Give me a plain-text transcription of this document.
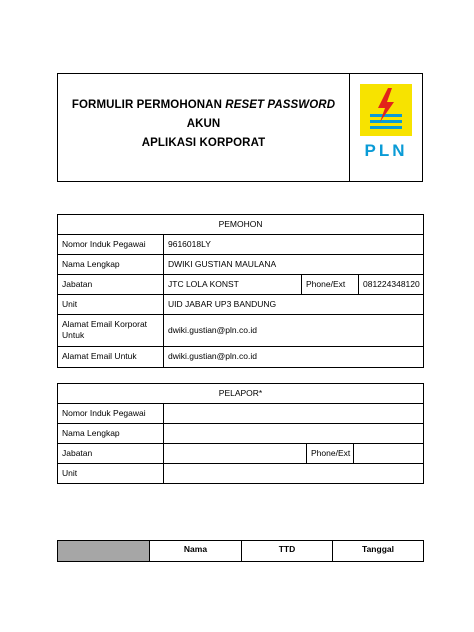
FORMULIR PERMOHONAN RESET PASSWORD AKUN
APLIKASI KORPORAT	PLN
PEMOHON			
Nomor Induk Pegawai	9616018LY		
Nama Lengkap	DWIKI GUSTIAN MAULANA		
Jabatan	JTC LOLA KONST	Phone/Ext	081224348120
Unit	UID JABAR UP3 BANDUNG		
Alamat Email Korporat Untuk	dwiki.gustian@pln.co.id		
Alamat Email Untuk	dwiki.gustian@pln.co.id		
PELAPOR*			
Nomor Induk Pegawai			
Nama Lengkap			
Jabatan		Phone/Ext	
Unit			
	Nama	TTD	Tanggal
